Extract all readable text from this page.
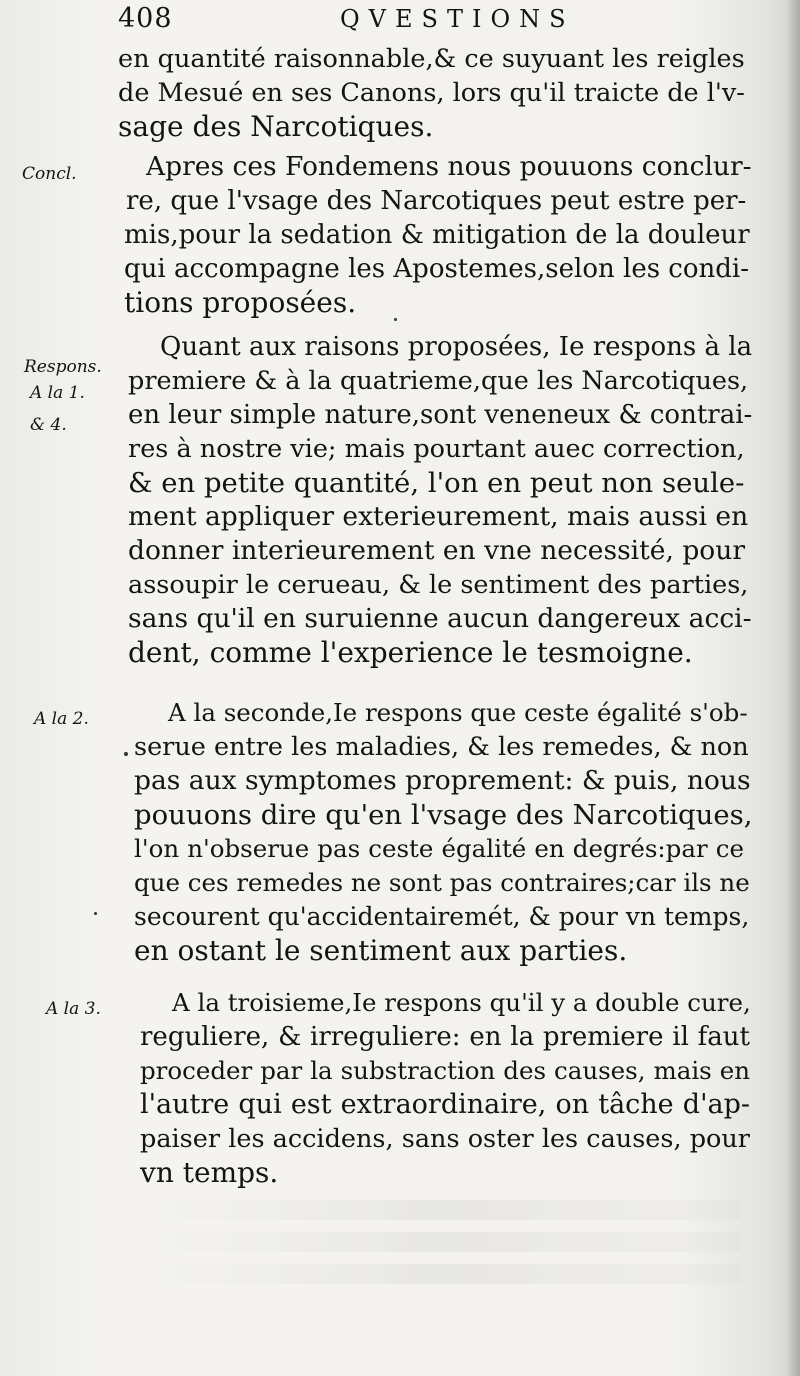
408	QVESTIONS
Concl.
Respons.
A la 1.
& 4.
A la 2.
A la 3.
en quantité raisonnable,& ce suyuant les reigles
de Mesué en ses Canons, lors qu'il traicte de l'v-
sage des Narcotiques.
Apres ces Fondemens nous pouuons conclur-
re, que l'vsage des Narcotiques peut estre per-
mis,pour la sedation & mitigation de la douleur
qui accompagne les Apostemes,selon les condi-
tions proposées.
Quant aux raisons proposées, Ie respons à la
premiere & à la quatrieme,que les Narcotiques,
en leur simple nature,sont veneneux & contrai-
res à nostre vie; mais pourtant auec correction,
& en petite quantité, l'on en peut non seule-
ment appliquer exterieurement, mais aussi en
donner interieurement en vne necessité, pour
assoupir le cerueau, & le sentiment des parties,
sans qu'il en suruienne aucun dangereux acci-
dent, comme l'experience le tesmoigne.
A la seconde,Ie respons que ceste égalité s'ob-
serue entre les maladies, & les remedes, & non
pas aux symptomes proprement: & puis, nous
pouuons dire qu'en l'vsage des Narcotiques,
l'on n'obserue pas ceste égalité en degrés:par ce
que ces remedes ne sont pas contraires;car ils ne
secourent qu'accidentairemét, & pour vn temps,
en ostant le sentiment aux parties.
A la troisieme,Ie respons qu'il y a double cure,
reguliere, & irreguliere: en la premiere il faut
proceder par la substraction des causes, mais en
l'autre qui est extraordinaire, on tâche d'ap-
paiser les accidens, sans oster les causes, pour
vn temps.
